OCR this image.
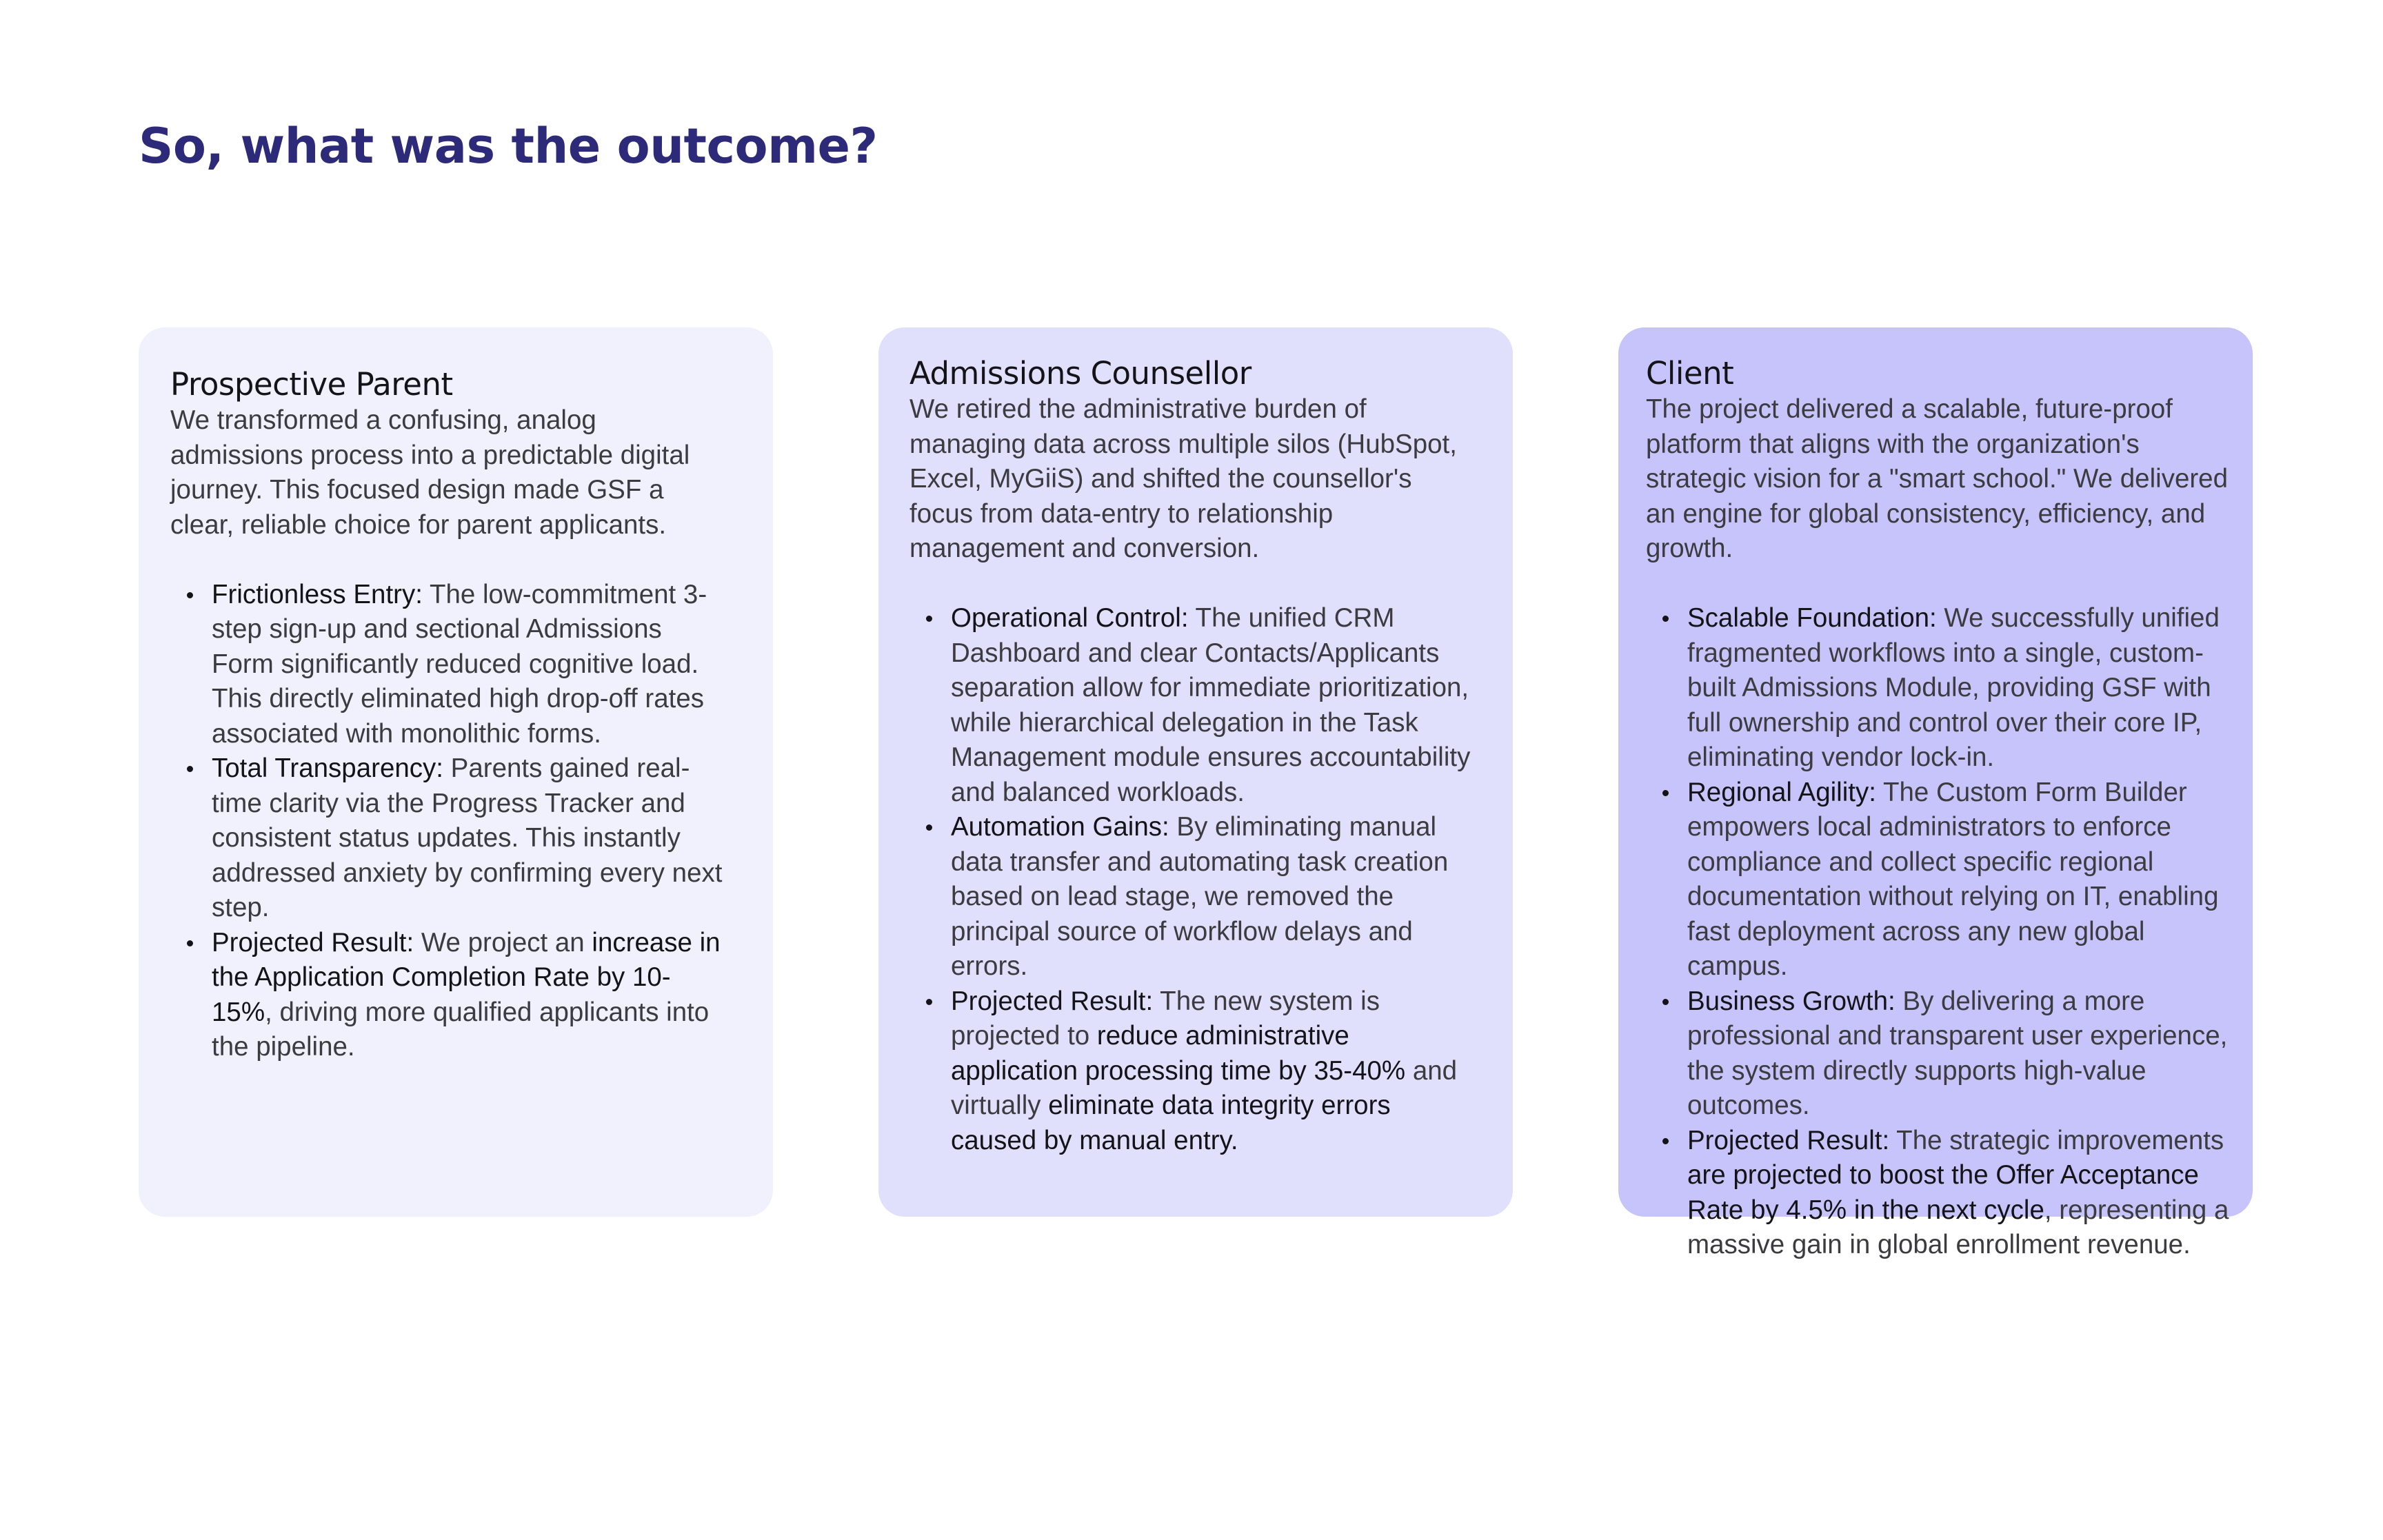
So, what was the outcome?
Prospective Parent

We transformed a confusing, analog admissions process into a predictable digital journey. This focused design made GSF a clear, reliable choice for parent applicants.

Frictionless Entry: The low-commitment 3-step sign-up and sectional Admissions Form significantly reduced cognitive load. This directly eliminated high drop-off rates associated with monolithic forms.
Total Transparency: Parents gained real-time clarity via the Progress Tracker and consistent status updates. This instantly addressed anxiety by confirming every next step.
Projected Result: We project an increase in the Application Completion Rate by 10-15%, driving more qualified applicants into the pipeline.
Admissions Counsellor

We retired the administrative burden of managing data across multiple silos (HubSpot, Excel, MyGiiS) and shifted the counsellor's focus from data-entry to relationship management and conversion.

Operational Control: The unified CRM Dashboard and clear Contacts/Applicants separation allow for immediate prioritization, while hierarchical delegation in the Task Management module ensures accountability and balanced workloads.
Automation Gains: By eliminating manual data transfer and automating task creation based on lead stage, we removed the principal source of workflow delays and errors.
Projected Result: The new system is projected to reduce administrative application processing time by 35-40% and virtually eliminate data integrity errors caused by manual entry.
Client

The project delivered a scalable, future-proof platform that aligns with the organization's strategic vision for a "smart school." We delivered an engine for global consistency, efficiency, and growth.

Scalable Foundation: We successfully unified fragmented workflows into a single, custom-built Admissions Module, providing GSF with full ownership and control over their core IP, eliminating vendor lock-in.
Regional Agility: The Custom Form Builder empowers local administrators to enforce compliance and collect specific regional documentation without relying on IT, enabling fast deployment across any new global campus.
Business Growth: By delivering a more professional and transparent user experience, the system directly supports high-value outcomes.
Projected Result: The strategic improvements are projected to boost the Offer Acceptance Rate by 4.5% in the next cycle, representing a massive gain in global enrollment revenue.
